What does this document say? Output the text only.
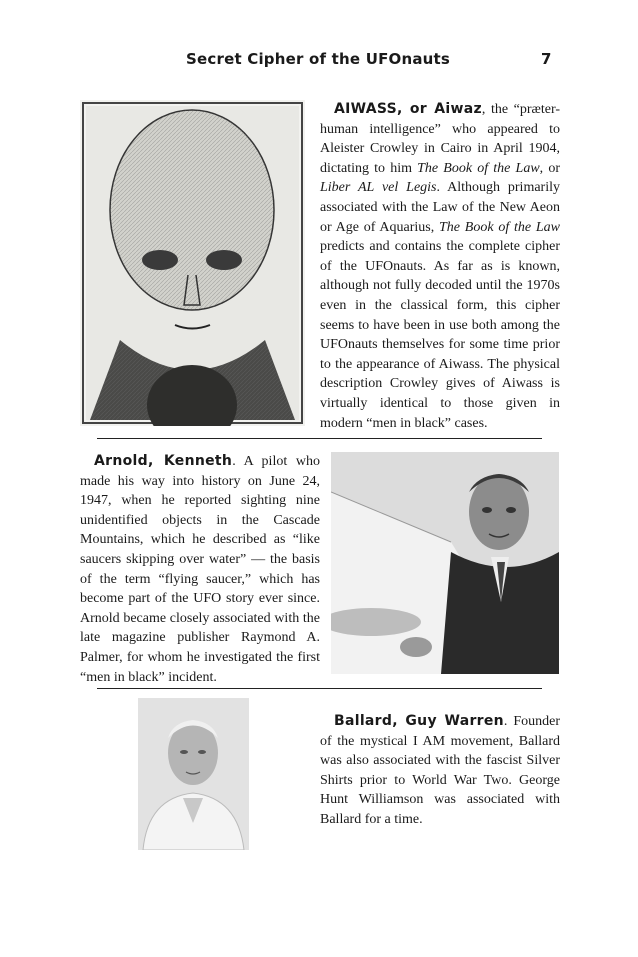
Secret Cipher of the UFOnauts	7
AIWASS, or Aiwaz, the “præter-human intelligence” who appeared to Aleister Crowley in Cairo in April 1904, dictating to him The Book of the Law, or Liber AL vel Legis. Although primarily associated with the Law of the New Aeon or Age of Aquarius, The Book of the Law predicts and contains the complete cipher of the UFOnauts. As far as is known, although not fully decoded until the 1970s even in the classical form, this cipher seems to have been in use both among the UFOnauts themselves for some time prior to the appearance of Aiwass. The physical description Crowley gives of Aiwass is virtually identical to those given in modern “men in black” cases.
Arnold, Kenneth. A pilot who made his way into history on June 24, 1947, when he reported sighting nine unidentified objects in the Cascade Mountains, which he described as “like saucers skipping over water” — the basis of the term “flying saucer,” which has become part of the UFO story ever since. Arnold became closely associated with the late magazine publisher Raymond A. Palmer, for whom he investigated the first “men in black” incident.
Ballard, Guy Warren. Founder of the mystical I AM movement, Ballard was also associated with the fascist Silver Shirts prior to World War Two. George Hunt Williamson was associated with Ballard for a time.
